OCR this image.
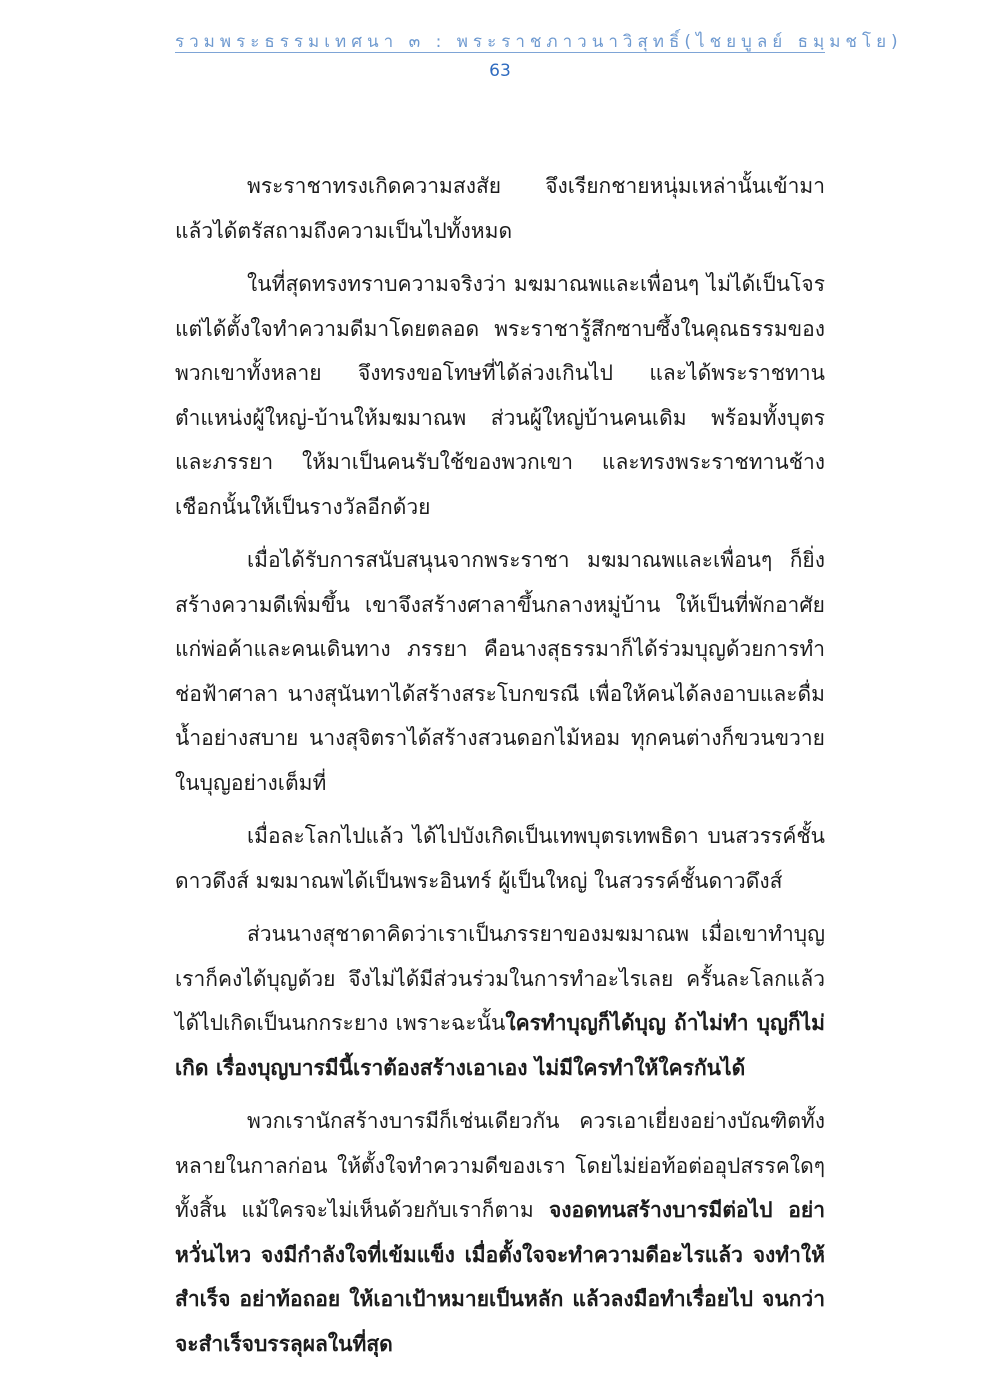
รวมพระธรรมเทศนา ๓ : พระราชภาวนาวิสุทธิ์(ไชยบูลย์ ธมฺมชโย)
63

พระราชาทรงเกิดความสงสัย จึงเรียกชายหนุ่มเหล่านั้นเข้ามา แล้วได้ตรัสถามถึงความเป็นไปทั้งหมด

ในที่สุดทรงทราบความจริงว่า มฆมาณพและเพื่อนๆ ไม่ได้เป็นโจร แต่ได้ตั้งใจทำความดีมาโดยตลอด พระราชารู้สึกซาบซึ้งในคุณธรรมของพวกเขาทั้งหลาย จึงทรงขอโทษที่ได้ล่วงเกินไป และได้พระราชทานตำแหน่งผู้ใหญ่-บ้านให้มฆมาณพ ส่วนผู้ใหญ่บ้านคนเดิม พร้อมทั้งบุตรและภรรยา ให้มาเป็นคนรับใช้ของพวกเขา และทรงพระราชทานช้างเชือกนั้นให้เป็นรางวัลอีกด้วย

เมื่อได้รับการสนับสนุนจากพระราชา มฆมาณพและเพื่อนๆ ก็ยิ่งสร้างความดีเพิ่มขึ้น เขาจึงสร้างศาลาขึ้นกลางหมู่บ้าน ให้เป็นที่พักอาศัยแก่พ่อค้าและคนเดินทาง ภรรยา คือนางสุธรรมาก็ได้ร่วมบุญด้วยการทำช่อฟ้าศาลา นางสุนันทาได้สร้างสระโบกขรณี เพื่อให้คนได้ลงอาบและดื่มน้ำอย่างสบาย นางสุจิตราได้สร้างสวนดอกไม้หอม ทุกคนต่างก็ขวนขวายในบุญอย่างเต็มที่

เมื่อละโลกไปแล้ว ได้ไปบังเกิดเป็นเทพบุตรเทพธิดา บนสวรรค์ชั้นดาวดึงส์ มฆมาณพได้เป็นพระอินทร์ ผู้เป็นใหญ่ ในสวรรค์ชั้นดาวดึงส์

ส่วนนางสุชาดาคิดว่าเราเป็นภรรยาของมฆมาณพ เมื่อเขาทำบุญเราก็คงได้บุญด้วย จึงไม่ได้มีส่วนร่วมในการทำอะไรเลย ครั้นละโลกแล้วได้ไปเกิดเป็นนกกระยาง เพราะฉะนั้นใครทำบุญก็ได้บุญ ถ้าไม่ทำ บุญก็ไม่เกิด เรื่องบุญบารมีนี้เราต้องสร้างเอาเอง ไม่มีใครทำให้ใครกันได้

พวกเรานักสร้างบารมีก็เช่นเดียวกัน ควรเอาเยี่ยงอย่างบัณฑิตทั้งหลายในกาลก่อน ให้ตั้งใจทำความดีของเรา โดยไม่ย่อท้อต่ออุปสรรคใดๆ ทั้งสิ้น แม้ใครจะไม่เห็นด้วยกับเราก็ตาม จงอดทนสร้างบารมีต่อไป อย่าหวั่นไหว จงมีกำลังใจที่เข้มแข็ง เมื่อตั้งใจจะทำความดีอะไรแล้ว จงทำให้สำเร็จ อย่าท้อถอย ให้เอาเป้าหมายเป็นหลัก แล้วลงมือทำเรื่อยไป จนกว่าจะสำเร็จบรรลุผลในที่สุด
